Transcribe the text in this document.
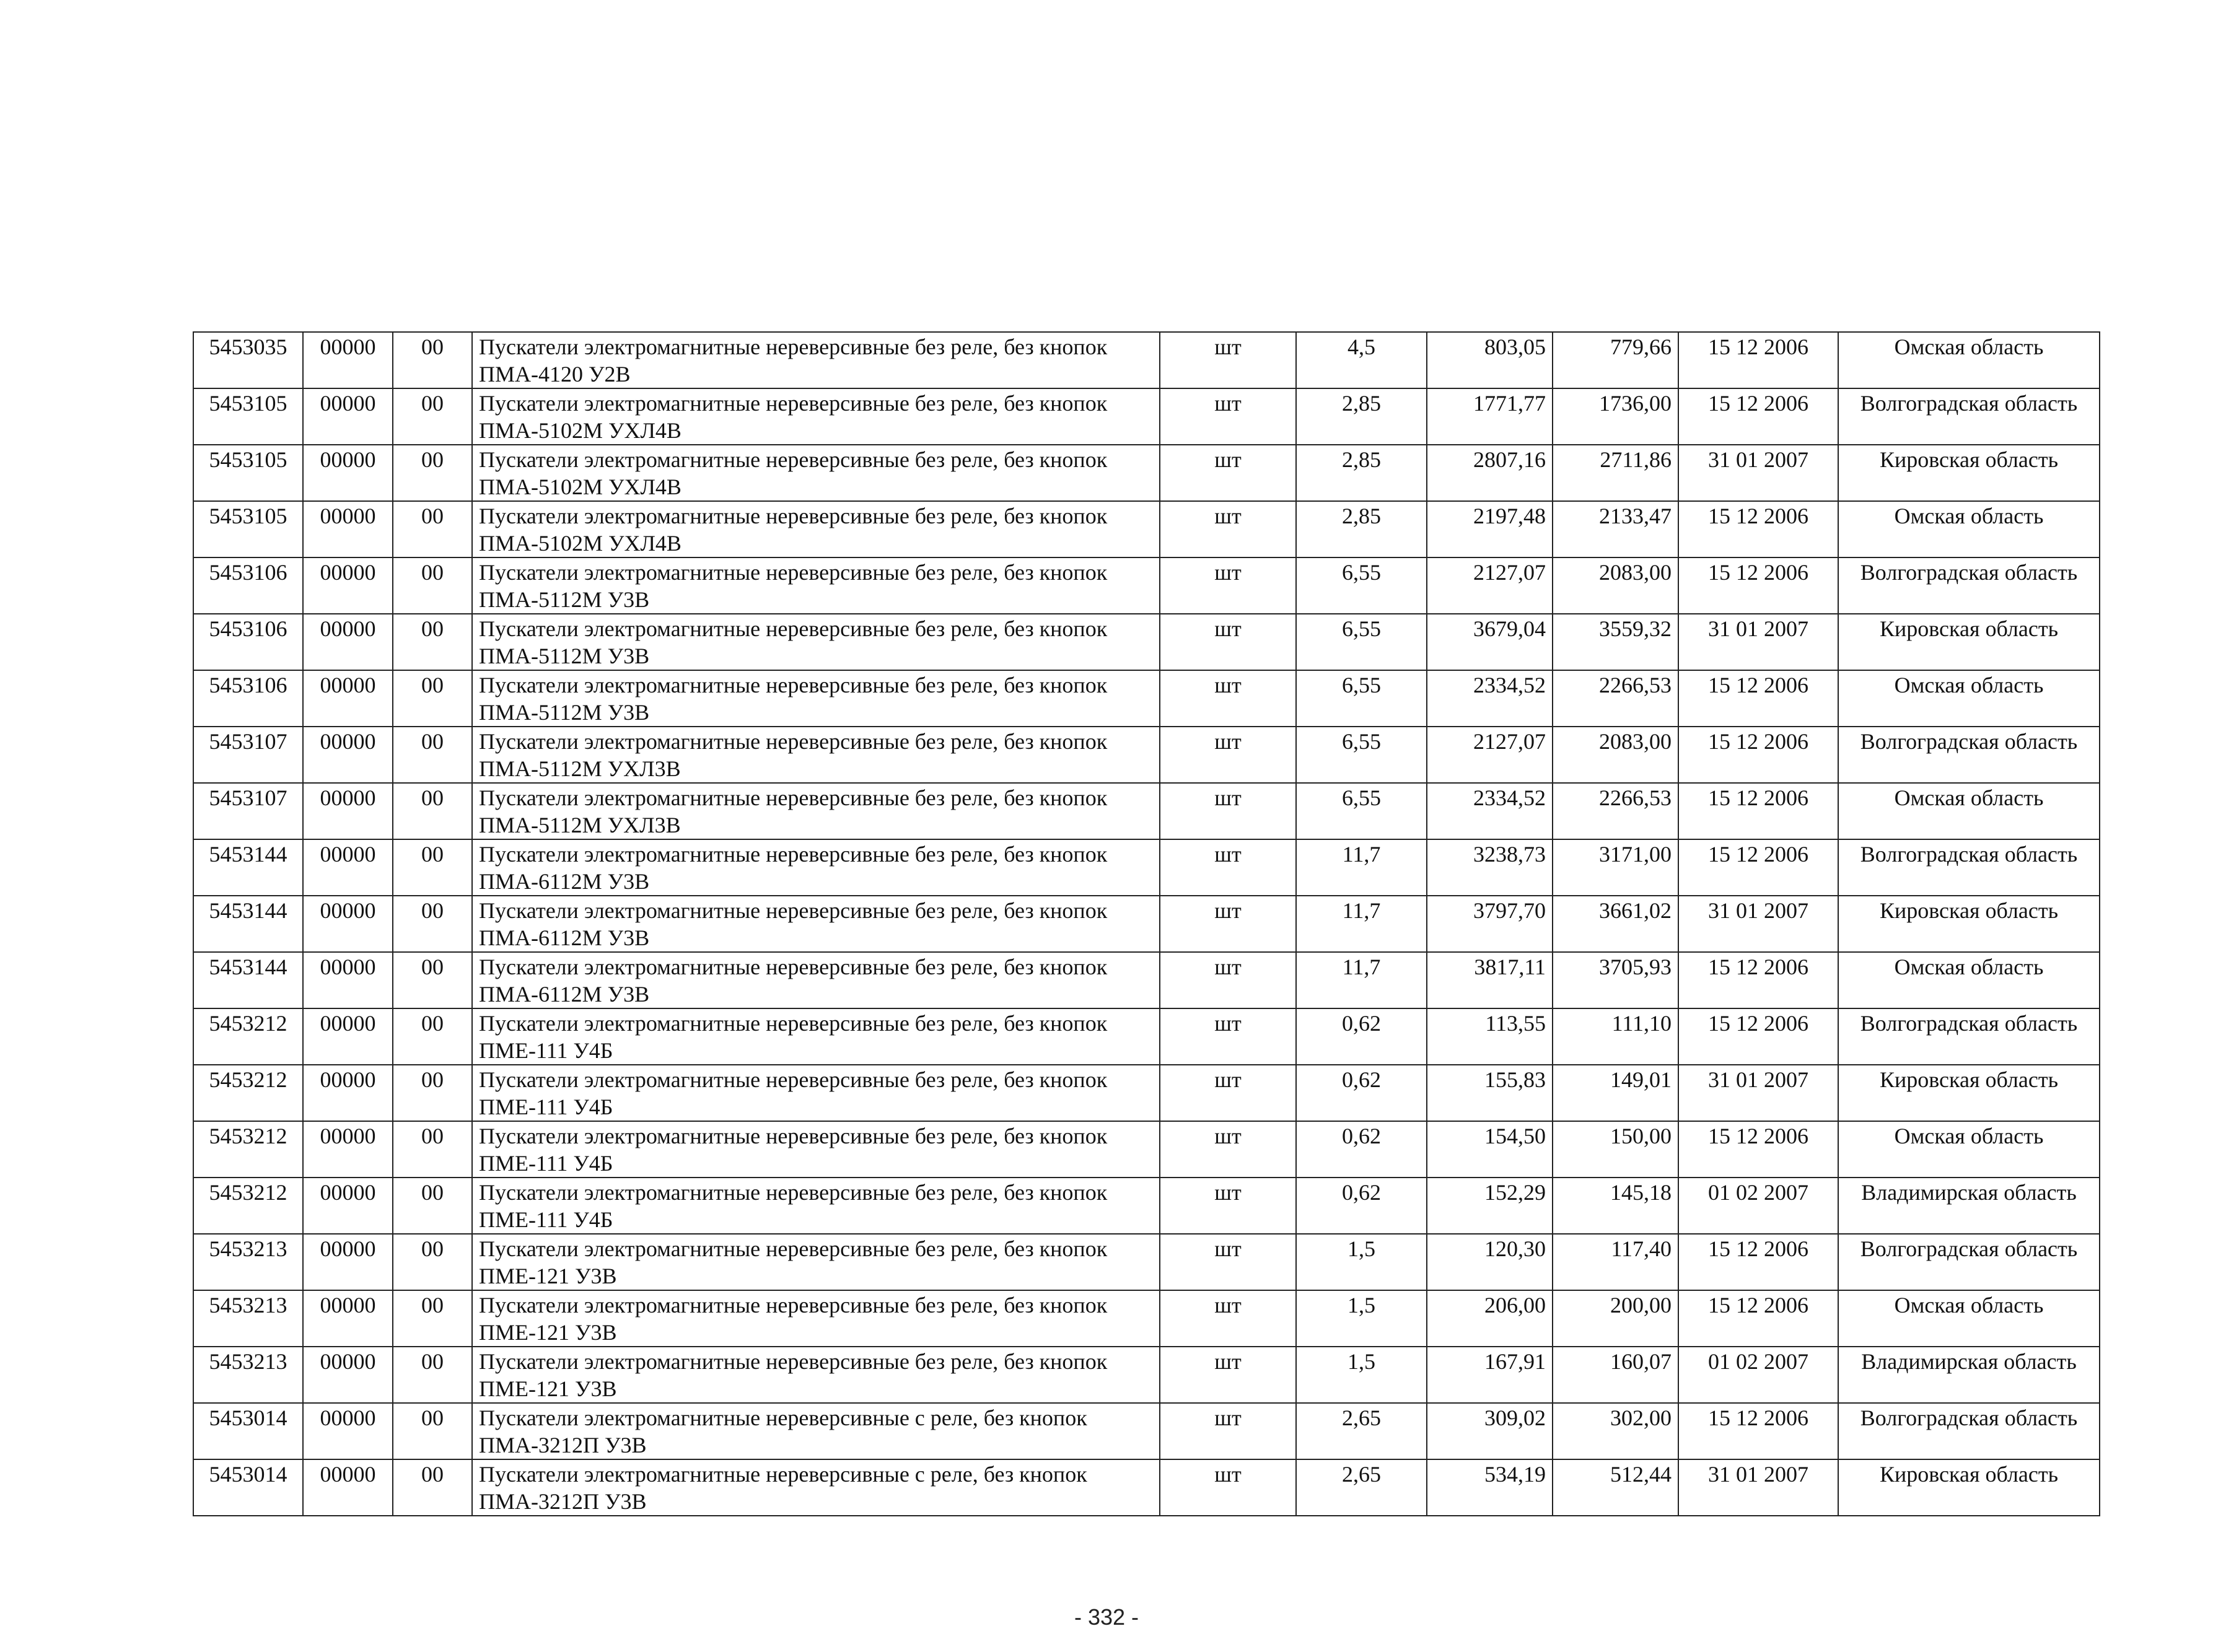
5453035	00000	00	Пускатели электромагнитные нереверсивные без реле, без кнопок ПМА-4120 У2В	шт	4,5	803,05	779,66	15 12 2006	Омская область
5453105	00000	00	Пускатели электромагнитные нереверсивные без реле, без кнопок ПМА-5102М УХЛ4В	шт	2,85	1771,77	1736,00	15 12 2006	Волгоградская область
5453105	00000	00	Пускатели электромагнитные нереверсивные без реле, без кнопок ПМА-5102М УХЛ4В	шт	2,85	2807,16	2711,86	31 01 2007	Кировская область
5453105	00000	00	Пускатели электромагнитные нереверсивные без реле, без кнопок ПМА-5102М УХЛ4В	шт	2,85	2197,48	2133,47	15 12 2006	Омская область
5453106	00000	00	Пускатели электромагнитные нереверсивные без реле, без кнопок ПМА-5112М У3В	шт	6,55	2127,07	2083,00	15 12 2006	Волгоградская область
5453106	00000	00	Пускатели электромагнитные нереверсивные без реле, без кнопок ПМА-5112М У3В	шт	6,55	3679,04	3559,32	31 01 2007	Кировская область
5453106	00000	00	Пускатели электромагнитные нереверсивные без реле, без кнопок ПМА-5112М У3В	шт	6,55	2334,52	2266,53	15 12 2006	Омская область
5453107	00000	00	Пускатели электромагнитные нереверсивные без реле, без кнопок ПМА-5112М УХЛ3В	шт	6,55	2127,07	2083,00	15 12 2006	Волгоградская область
5453107	00000	00	Пускатели электромагнитные нереверсивные без реле, без кнопок ПМА-5112М УХЛ3В	шт	6,55	2334,52	2266,53	15 12 2006	Омская область
5453144	00000	00	Пускатели электромагнитные нереверсивные без реле, без кнопок ПМА-6112М У3В	шт	11,7	3238,73	3171,00	15 12 2006	Волгоградская область
5453144	00000	00	Пускатели электромагнитные нереверсивные без реле, без кнопок ПМА-6112М У3В	шт	11,7	3797,70	3661,02	31 01 2007	Кировская область
5453144	00000	00	Пускатели электромагнитные нереверсивные без реле, без кнопок ПМА-6112М У3В	шт	11,7	3817,11	3705,93	15 12 2006	Омская область
5453212	00000	00	Пускатели электромагнитные нереверсивные без реле, без кнопок ПМЕ-111 У4Б	шт	0,62	113,55	111,10	15 12 2006	Волгоградская область
5453212	00000	00	Пускатели электромагнитные нереверсивные без реле, без кнопок ПМЕ-111 У4Б	шт	0,62	155,83	149,01	31 01 2007	Кировская область
5453212	00000	00	Пускатели электромагнитные нереверсивные без реле, без кнопок ПМЕ-111 У4Б	шт	0,62	154,50	150,00	15 12 2006	Омская область
5453212	00000	00	Пускатели электромагнитные нереверсивные без реле, без кнопок ПМЕ-111 У4Б	шт	0,62	152,29	145,18	01 02 2007	Владимирская область
5453213	00000	00	Пускатели электромагнитные нереверсивные без реле, без кнопок ПМЕ-121 У3В	шт	1,5	120,30	117,40	15 12 2006	Волгоградская область
5453213	00000	00	Пускатели электромагнитные нереверсивные без реле, без кнопок ПМЕ-121 У3В	шт	1,5	206,00	200,00	15 12 2006	Омская область
5453213	00000	00	Пускатели электромагнитные нереверсивные без реле, без кнопок ПМЕ-121 У3В	шт	1,5	167,91	160,07	01 02 2007	Владимирская область
5453014	00000	00	Пускатели электромагнитные нереверсивные с реле, без кнопок ПМА-3212П У3В	шт	2,65	309,02	302,00	15 12 2006	Волгоградская область
5453014	00000	00	Пускатели электромагнитные нереверсивные с реле, без кнопок ПМА-3212П У3В	шт	2,65	534,19	512,44	31 01 2007	Кировская область
- 332 -
